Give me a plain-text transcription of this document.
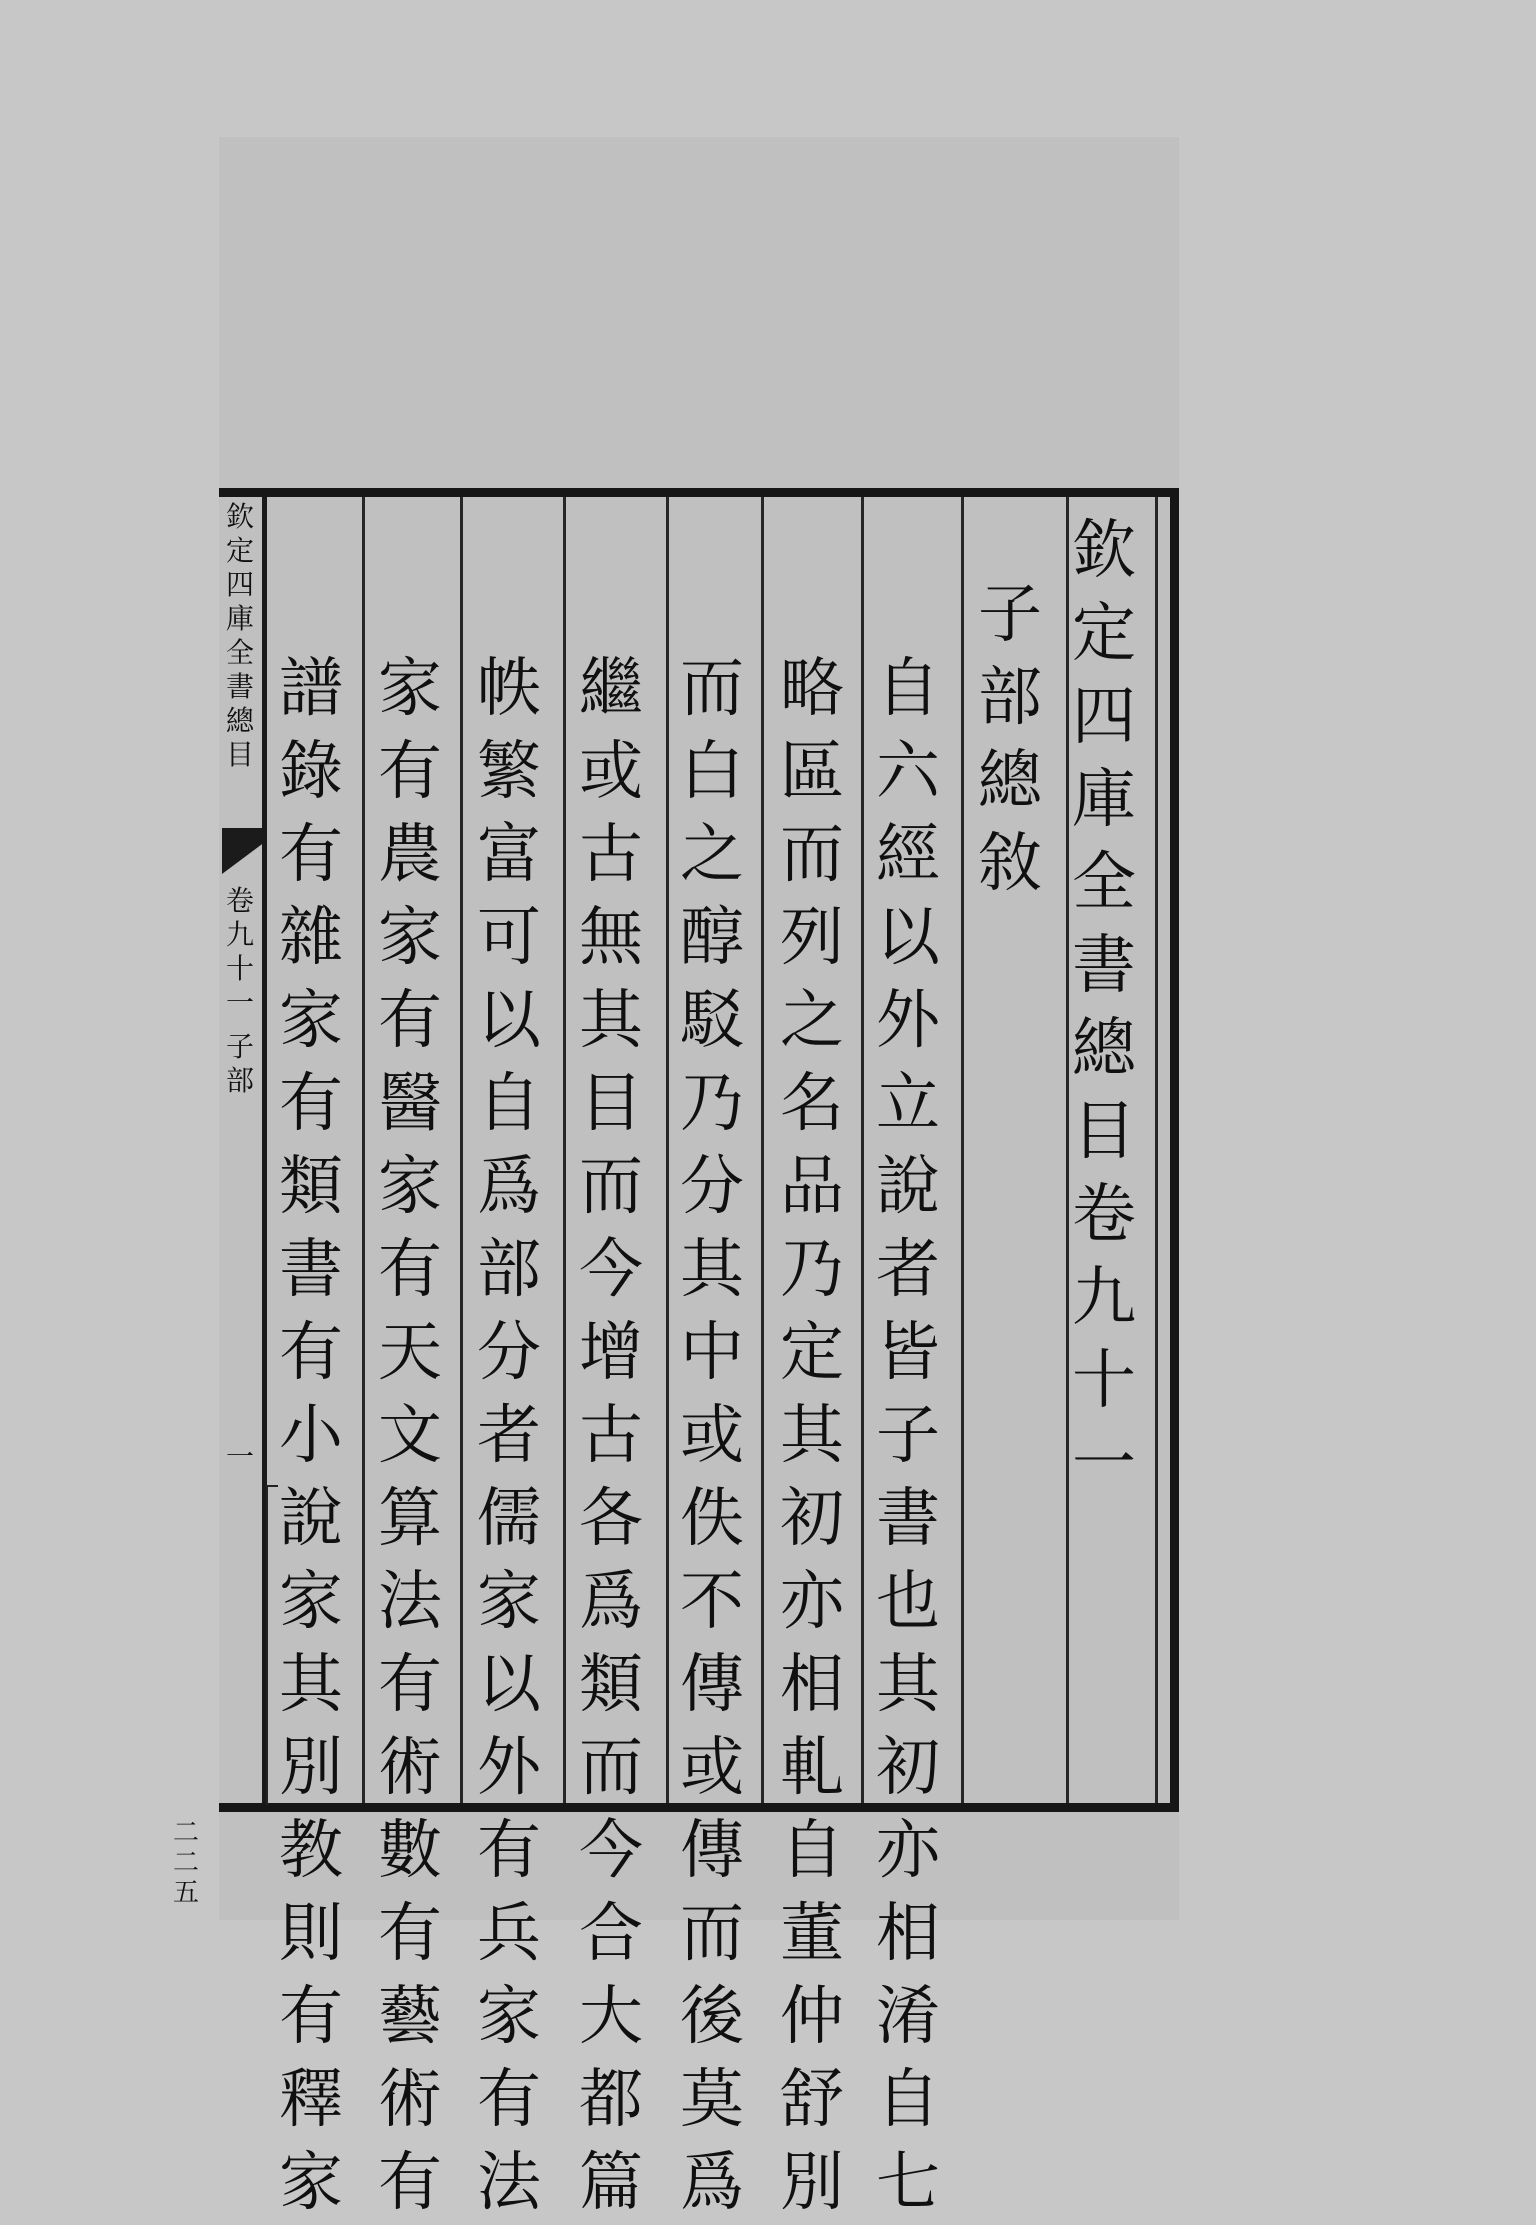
欽
定
四
庫
全
書
總
目
卷
九
十
一
子
部
總
敘
自
六
經
以
外
立
說
者
皆
子
書
也
其
初
亦
相
淆
自
七
略
區
而
列
之
名
品
乃
定
其
初
亦
相
軋
自
董
仲
舒
別
而
白
之
醇
駁
乃
分
其
中
或
佚
不
傳
或
傳
而
後
莫
爲
繼
或
古
無
其
目
而
今
增
古
各
爲
類
而
今
合
大
都
篇
帙
繁
富
可
以
自
爲
部
分
者
儒
家
以
外
有
兵
家
有
法
家
有
農
家
有
醫
家
有
天
文
算
法
有
術
數
有
藝
術
有
譜
錄
有
雜
家
有
類
書
有
小
說
家
其
別
教
則
有
釋
家
欽
定
四
庫
全
書
總
目
卷
九
十
一
子
部
一
二
二
五
